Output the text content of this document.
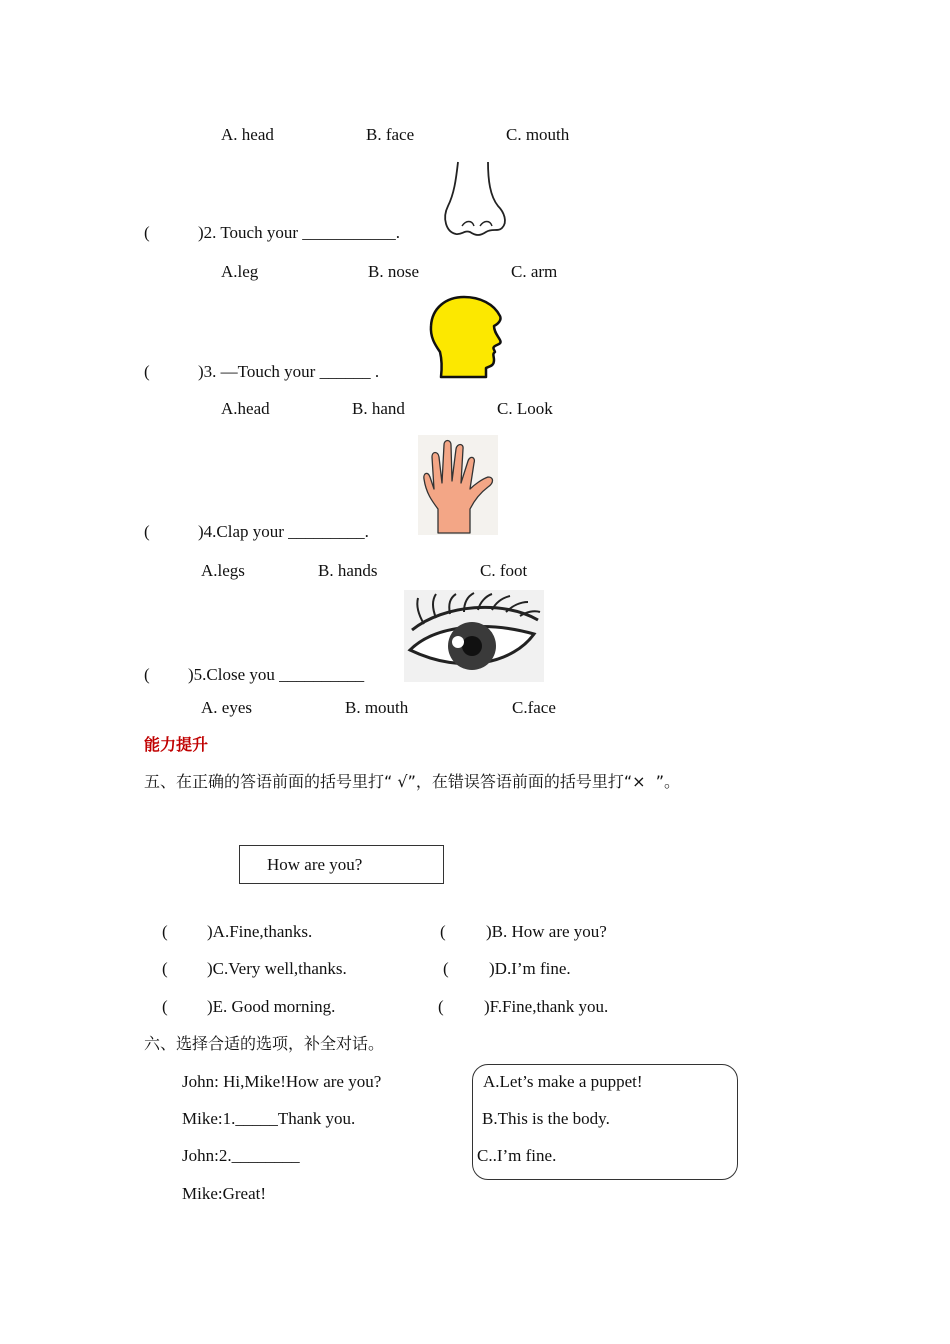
A. head	B. face	C. mouth
(	)2. Touch your ___________.
A.leg	B. nose	C. arm
(	)3. —Touch your ______ .
A.head	B. hand	C. Look
(	)4.Clap your _________.
A.legs	B. hands	C. foot
( )5.Close you __________
A. eyes	B. mouth	C.face
能力提升
五、在正确的答语前面的括号里打“ √”，在错误答语前面的括号里打“×  ”。
How are you?
( )A.Fine,thanks.	( )B. How are you?
( )C.Very well,thanks.	( )D.I’m fine.
( )E. Good morning.	( )F.Fine,thank you.
六、选择合适的选项，补全对话。
John: Hi,Mike!How are you?
Mike:1._____Thank you.
John:2.________
Mike:Great!
A.Let’s make a puppet!
B.This is the body.
C..I’m fine.
